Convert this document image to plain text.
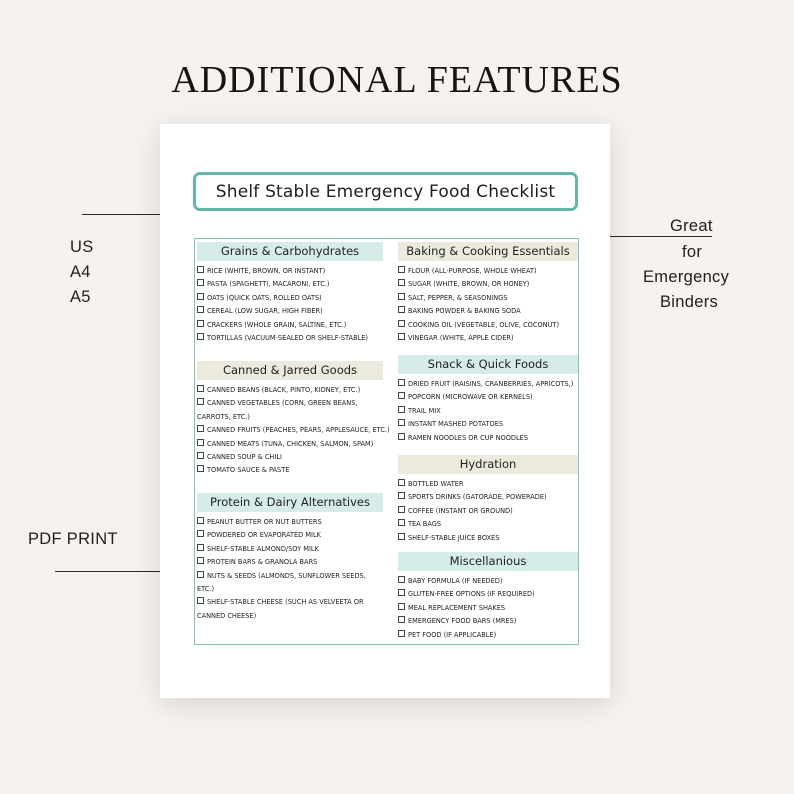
ADDITIONAL FEATURES
US
A4
A5
Great
for
Emergency
Binders
PDF PRINT
Shelf Stable Emergency Food Checklist
Grains & Carbohydrates
RICE (WHITE, BROWN, OR INSTANT)
PASTA (SPAGHETTI, MACARONI, ETC.)
OATS (QUICK OATS, ROLLED OATS)
CEREAL (LOW SUGAR, HIGH FIBER)
CRACKERS (WHOLE GRAIN, SALTINE, ETC.)
TORTILLAS (VACUUM-SEALED OR SHELF-STABLE)
Canned & Jarred Goods
CANNED BEANS (BLACK, PINTO, KIDNEY, ETC.)
CANNED VEGETABLES (CORN, GREEN BEANS, CARROTS, ETC.)
CANNED FRUITS (PEACHES, PEARS, APPLESAUCE, ETC.)
CANNED MEATS (TUNA, CHICKEN, SALMON, SPAM)
CANNED SOUP & CHILI
TOMATO SAUCE & PASTE
Protein & Dairy Alternatives
PEANUT BUTTER OR NUT BUTTERS
POWDERED OR EVAPORATED MILK
SHELF-STABLE ALMOND/SOY MILK
PROTEIN BARS & GRANOLA BARS
NUTS & SEEDS (ALMONDS, SUNFLOWER SEEDS, ETC.)
SHELF-STABLE CHEESE (SUCH AS VELVEETA OR CANNED CHEESE)
Baking & Cooking Essentials
FLOUR (ALL-PURPOSE, WHOLE WHEAT)
SUGAR (WHITE, BROWN, OR HONEY)
SALT, PEPPER, & SEASONINGS
BAKING POWDER & BAKING SODA
COOKING OIL (VEGETABLE, OLIVE, COCONUT)
VINEGAR (WHITE, APPLE CIDER)
Snack & Quick Foods
DRIED FRUIT (RAISINS, CRANBERRIES, APRICOTS,)
POPCORN (MICROWAVE OR KERNELS)
TRAIL MIX
INSTANT MASHED POTATOES
RAMEN NOODLES OR CUP NOODLES
Hydration
BOTTLED WATER
SPORTS DRINKS (GATORADE, POWERADE)
COFFEE (INSTANT OR GROUND)
TEA BAGS
SHELF-STABLE JUICE BOXES
Miscellanious
BABY FORMULA (IF NEEDED)
GLUTEN-FREE OPTIONS (IF REQUIRED)
MEAL REPLACEMENT SHAKES
EMERGENCY FOOD BARS (MRES)
PET FOOD (IF APPLICABLE)
